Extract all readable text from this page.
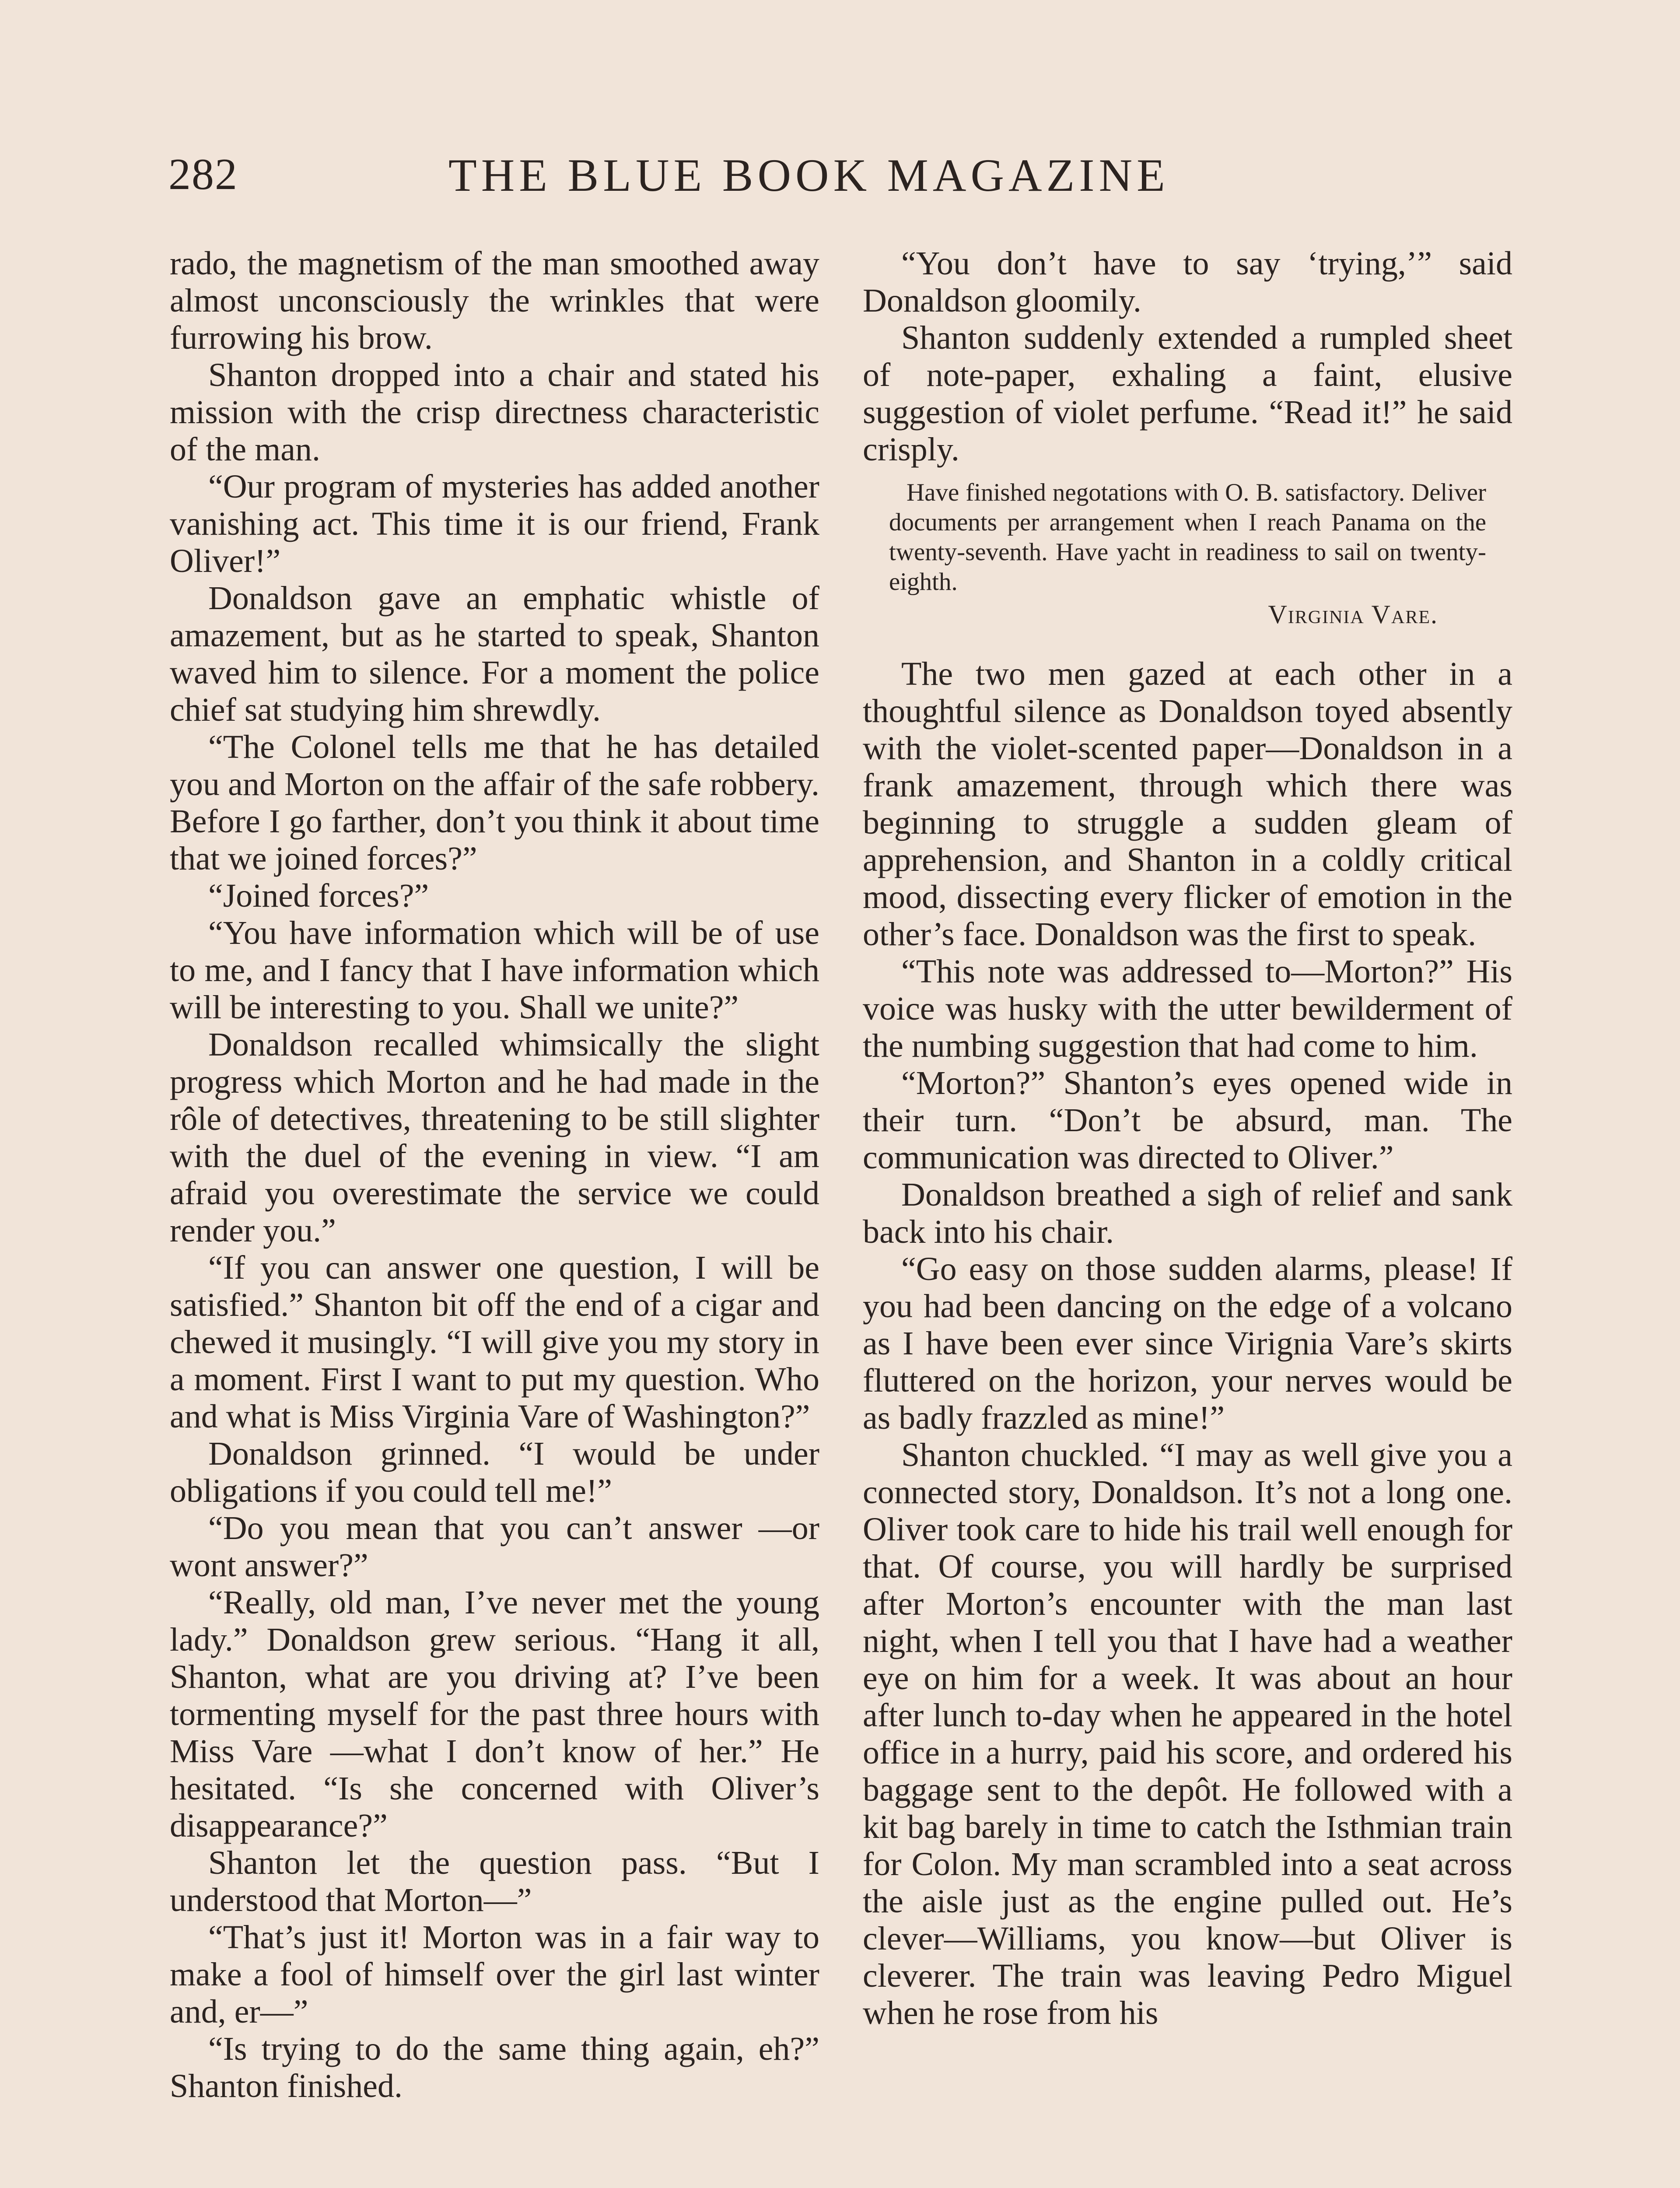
282	THE BLUE BOOK MAGAZINE

rado, the magnetism of the man smoothed away almost unconsciously the wrinkles that were furrowing his brow.

Shanton dropped into a chair and stated his mission with the crisp directness characteristic of the man.

“Our program of mysteries has added another vanishing act. This time it is our friend, Frank Oliver!”

Donaldson gave an emphatic whistle of amazement, but as he started to speak, Shanton waved him to silence. For a moment the police chief sat studying him shrewdly.

“The Colonel tells me that he has detailed you and Morton on the affair of the safe robbery. Before I go farther, don’t you think it about time that we joined forces?”

“Joined forces?”

“You have information which will be of use to me, and I fancy that I have information which will be interesting to you. Shall we unite?”

Donaldson recalled whimsically the slight progress which Morton and he had made in the rôle of detectives, threatening to be still slighter with the duel of the evening in view. “I am afraid you overestimate the service we could render you.”

“If you can answer one question, I will be satisfied.” Shanton bit off the end of a cigar and chewed it musingly. “I will give you my story in a moment. First I want to put my question. Who and what is Miss Virginia Vare of Washington?”

Donaldson grinned. “I would be under obligations if you could tell me!”

“Do you mean that you can’t answer —or wont answer?”

“Really, old man, I’ve never met the young lady.” Donaldson grew serious. “Hang it all, Shanton, what are you driving at? I’ve been tormenting myself for the past three hours with Miss Vare —what I don’t know of her.” He hesitated. “Is she concerned with Oliver’s disappearance?”

Shanton let the question pass. “But I understood that Morton—”

“That’s just it! Morton was in a fair way to make a fool of himself over the girl last winter and, er—”

“Is trying to do the same thing again, eh?” Shanton finished.

“You don’t have to say ‘trying,’” said Donaldson gloomily.

Shanton suddenly extended a rumpled sheet of note-paper, exhaling a faint, elusive suggestion of violet perfume. “Read it!” he said crisply.

Have finished negotations with O. B. satisfactory. Deliver documents per arrangement when I reach Panama on the twenty-seventh. Have yacht in readiness to sail on twenty-eighth.

Virginia Vare.

The two men gazed at each other in a thoughtful silence as Donaldson toyed absently with the violet-scented paper—Donaldson in a frank amazement, through which there was beginning to struggle a sudden gleam of apprehension, and Shanton in a coldly critical mood, dissecting every flicker of emotion in the other’s face. Donaldson was the first to speak.

“This note was addressed to—Morton?” His voice was husky with the utter bewilderment of the numbing suggestion that had come to him.

“Morton?” Shanton’s eyes opened wide in their turn. “Don’t be absurd, man. The communication was directed to Oliver.”

Donaldson breathed a sigh of relief and sank back into his chair.

“Go easy on those sudden alarms, please! If you had been dancing on the edge of a volcano as I have been ever since Virignia Vare’s skirts fluttered on the horizon, your nerves would be as badly frazzled as mine!”

Shanton chuckled. “I may as well give you a connected story, Donaldson. It’s not a long one. Oliver took care to hide his trail well enough for that. Of course, you will hardly be surprised after Morton’s encounter with the man last night, when I tell you that I have had a weather eye on him for a week. It was about an hour after lunch to-day when he appeared in the hotel office in a hurry, paid his score, and ordered his baggage sent to the depôt. He followed with a kit bag barely in time to catch the Isthmian train for Colon. My man scrambled into a seat across the aisle just as the engine pulled out. He’s clever—Williams, you know—but Oliver is cleverer. The train was leaving Pedro Miguel when he rose from his
